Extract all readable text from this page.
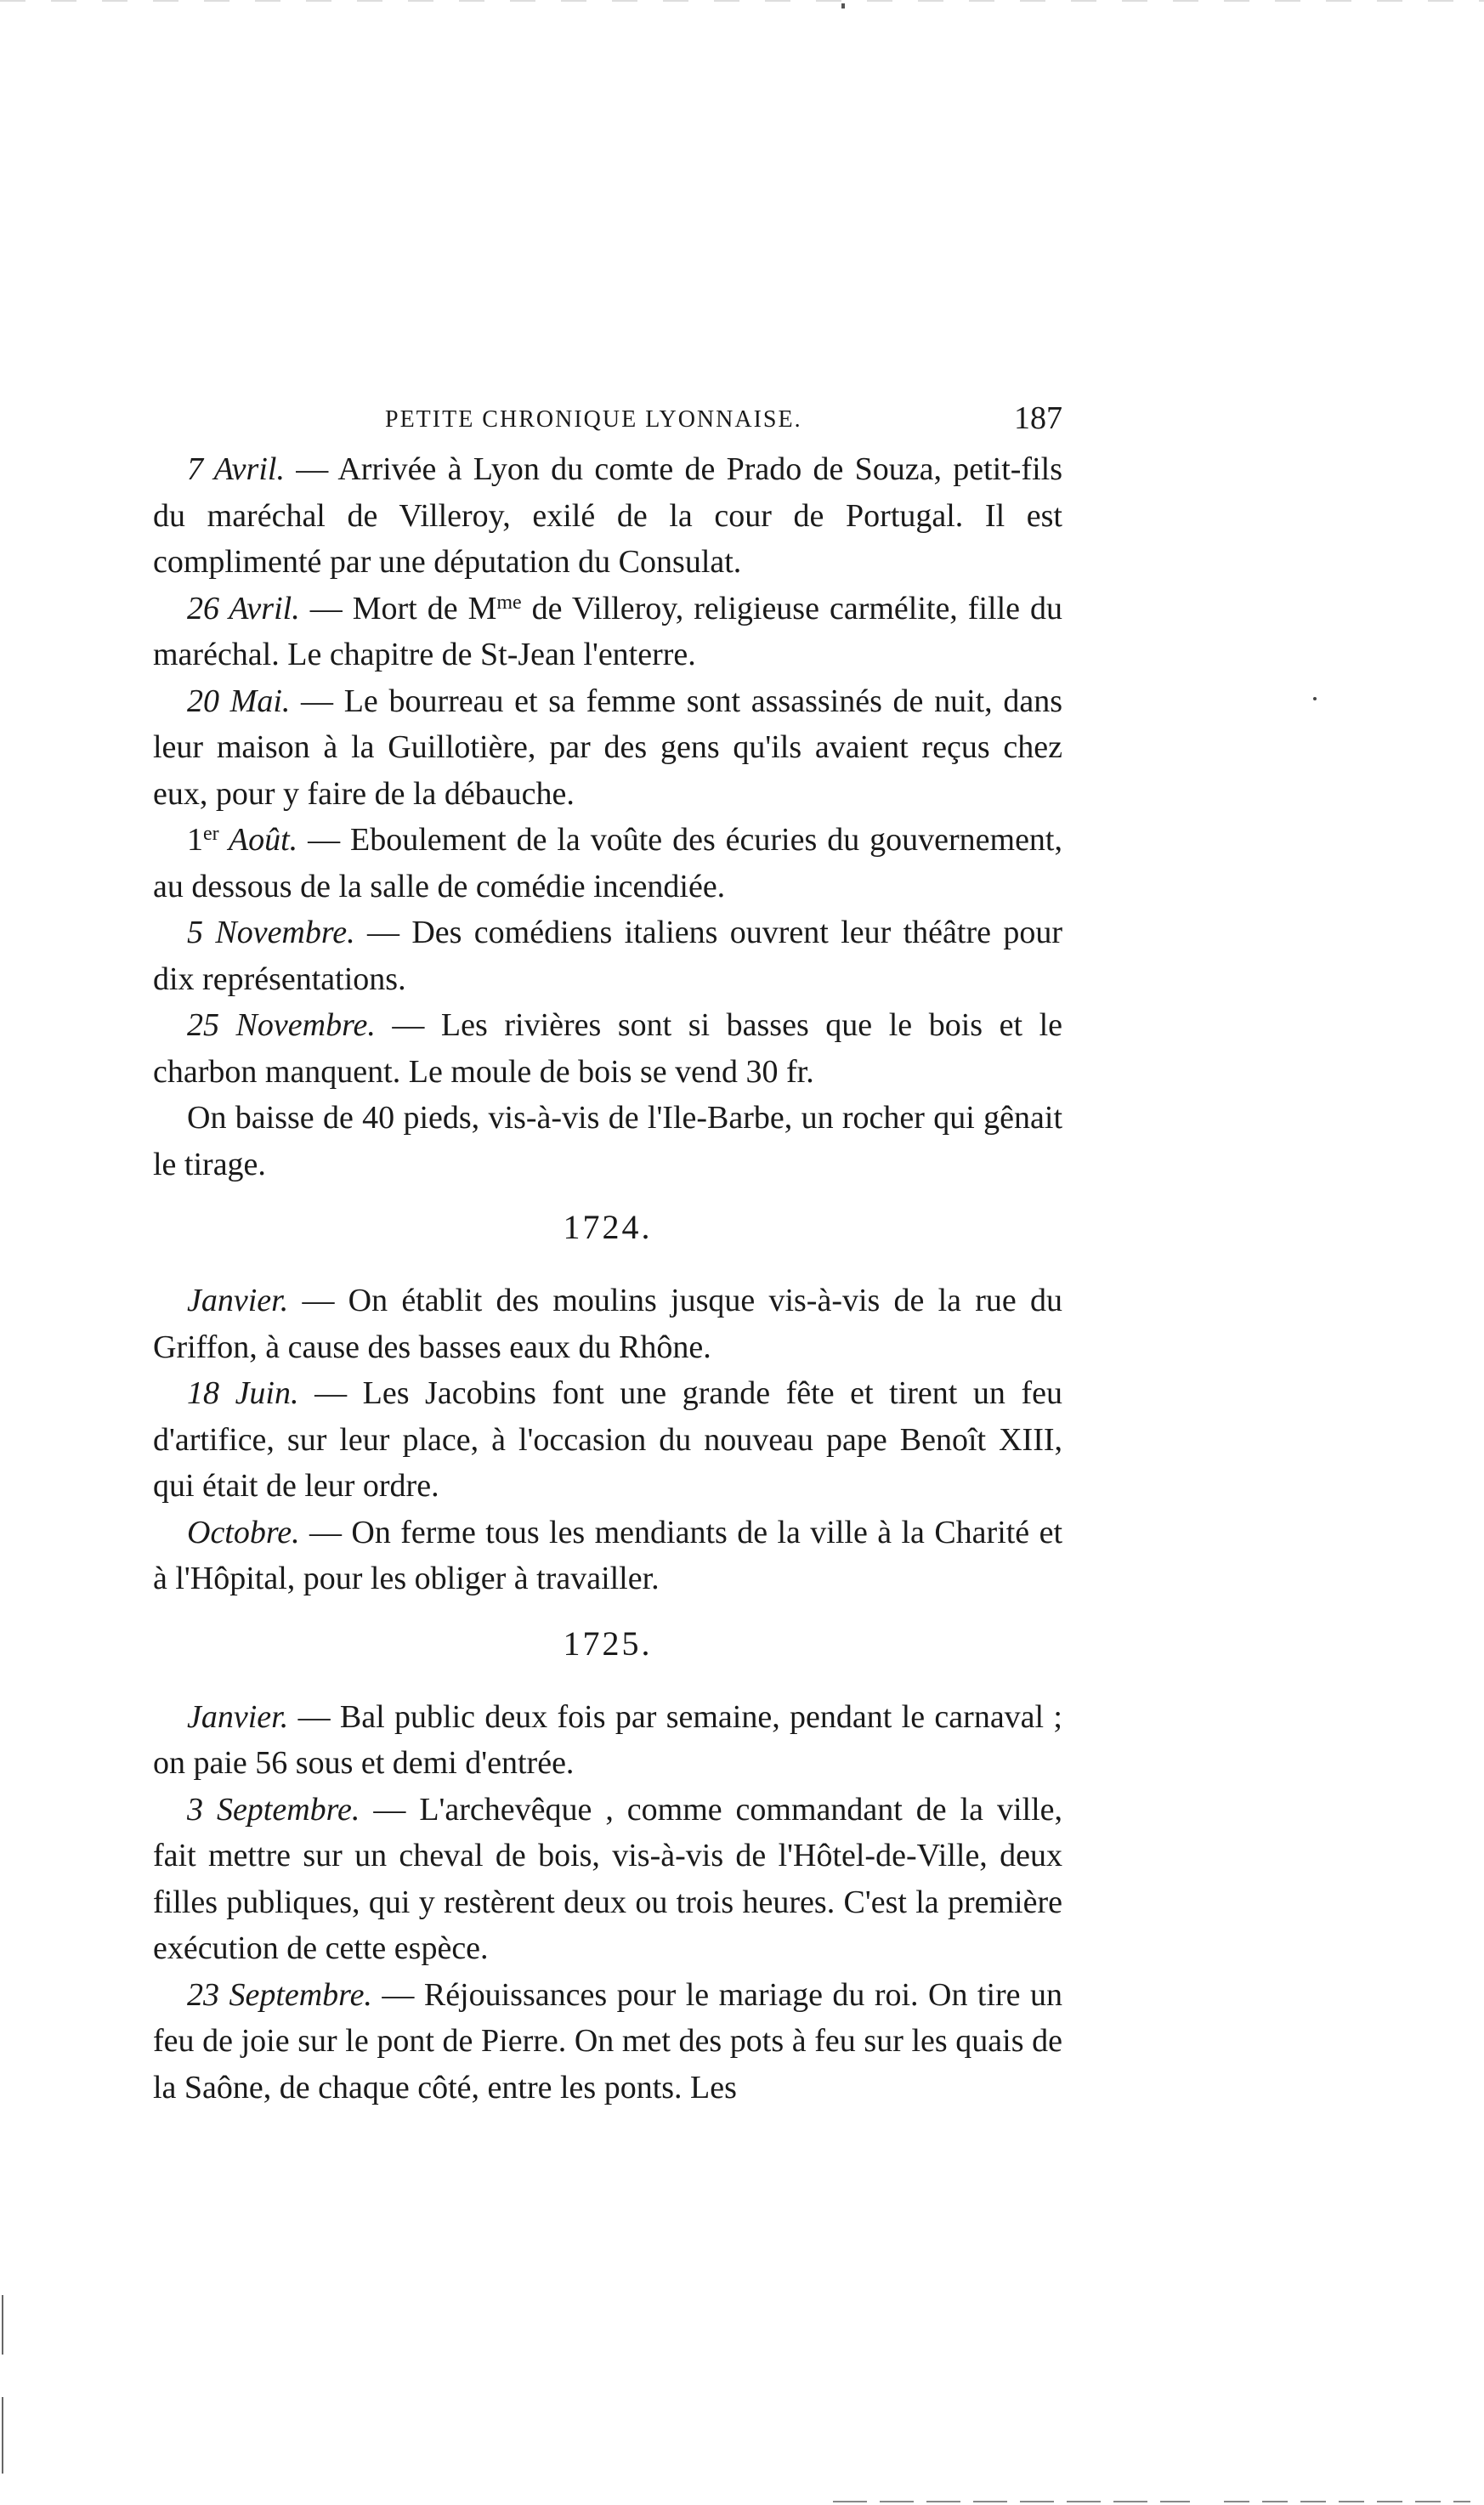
PETITE CHRONIQUE LYONNAISE.	187

7 Avril. — Arrivée à Lyon du comte de Prado de Souza, petit-fils du maréchal de Villeroy, exilé de la cour de Portugal. Il est complimenté par une députation du Consulat.

26 Avril. — Mort de $M^{me}$ de Villeroy, religieuse carmélite, fille du maréchal. Le chapitre de St-Jean l'enterre.

20 Mai. — Le bourreau et sa femme sont assassinés de nuit, dans leur maison à la Guillotière, par des gens qu'ils avaient reçus chez eux, pour y faire de la débauche.

1er Août. — Eboulement de la voûte des écuries du gouvernement, au dessous de la salle de comédie incendiée.

5 Novembre. — Des comédiens italiens ouvrent leur théâtre pour dix représentations.

25 Novembre. — Les rivières sont si basses que le bois et le charbon manquent. Le moule de bois se vend 30 fr.

On baisse de 40 pieds, vis-à-vis de l'Ile-Barbe, un rocher qui gênait le tirage.

1724.

Janvier. — On établit des moulins jusque vis-à-vis de la rue du Griffon, à cause des basses eaux du Rhône.

18 Juin. — Les Jacobins font une grande fête et tirent un feu d'artifice, sur leur place, à l'occasion du nouveau pape Benoît XIII, qui était de leur ordre.

Octobre. — On ferme tous les mendiants de la ville à la Charité et à l'Hôpital, pour les obliger à travailler.

1725.

Janvier. — Bal public deux fois par semaine, pendant le carnaval ; on paie 56 sous et demi d'entrée.

3 Septembre. — L'archevêque , comme commandant de la ville, fait mettre sur un cheval de bois, vis-à-vis de l'Hôtel-de-Ville, deux filles publiques, qui y restèrent deux ou trois heures. C'est la première exécution de cette espèce.

23 Septembre. — Réjouissances pour le mariage du roi. On tire un feu de joie sur le pont de Pierre. On met des pots à feu sur les quais de la Saône, de chaque côté, entre les ponts. Les
